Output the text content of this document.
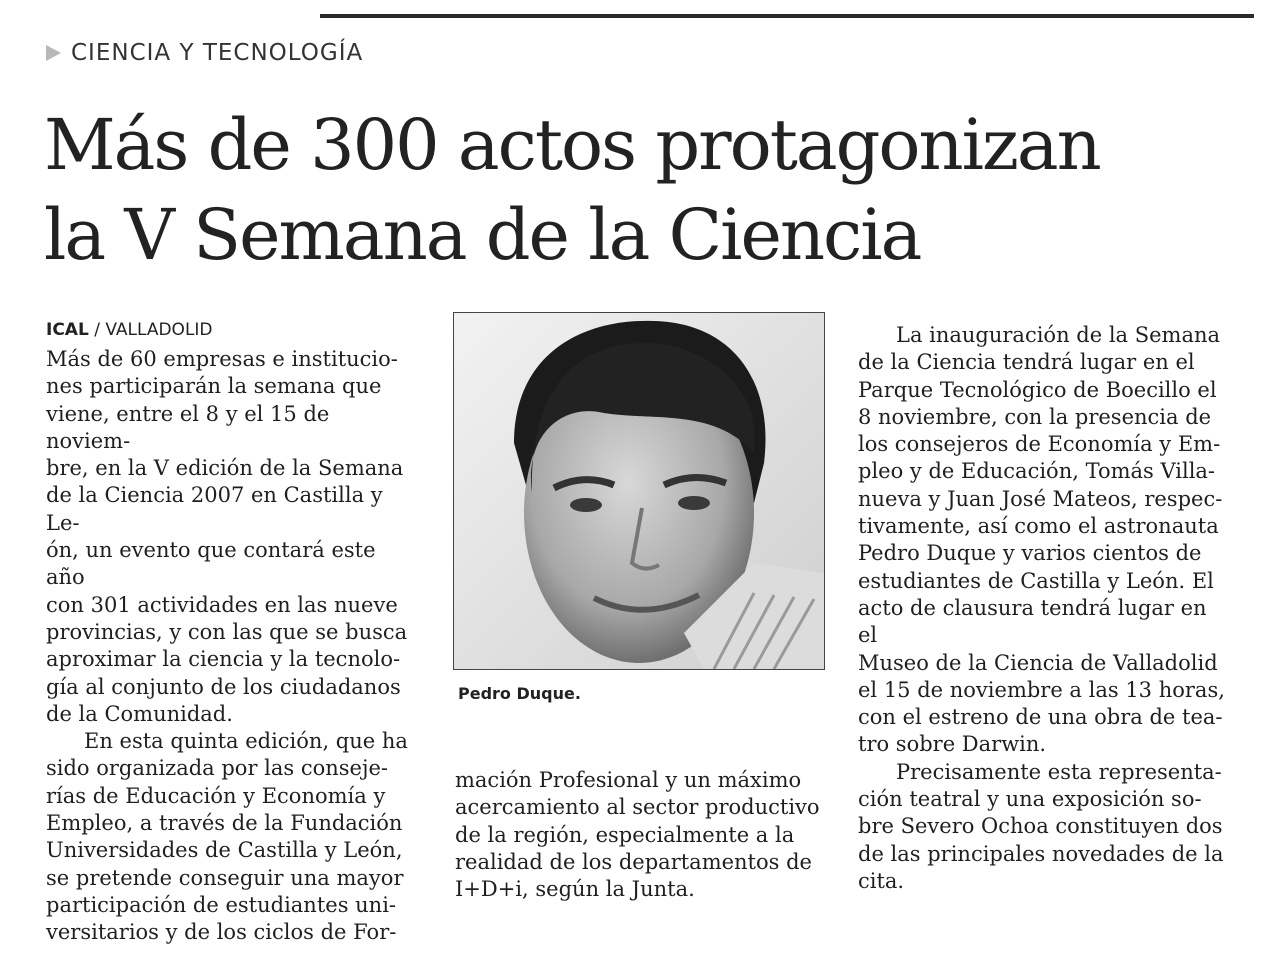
CIENCIA Y TECNOLOGÍA
Más de 300 actos protagonizan
la V Semana de la Ciencia
ICAL / VALLADOLID

Más de 60 empresas e institucio-

nes participarán la semana que

viene, entre el 8 y el 15 de noviem-

bre, en la V edición de la Semana

de la Ciencia 2007 en Castilla y Le-

ón, un evento que contará este año

con 301 actividades en las nueve

provincias, y con las que se busca

aproximar la ciencia y la tecnolo-

gía al conjunto de los ciudadanos

de la Comunidad.

En esta quinta edición, que ha

sido organizada por las conseje-

rías de Educación y Economía y

Empleo, a través de la Fundación

Universidades de Castilla y León,

se pretende conseguir una mayor

participación de estudiantes uni-

versitarios y de los ciclos de For-

Pedro Duque.

mación Profesional y un máximo

acercamiento al sector productivo

de la región, especialmente a la

realidad de los departamentos de

I+D+i, según la Junta.

La inauguración de la Semana

de la Ciencia tendrá lugar en el

Parque Tecnológico de Boecillo el

8 noviembre, con la presencia de

los consejeros de Economía y Em-

pleo y de Educación, Tomás Villa-

nueva y Juan José Mateos, respec-

tivamente, así como el astronauta

Pedro Duque y varios cientos de

estudiantes de Castilla y León. El

acto de clausura tendrá lugar en el

Museo de la Ciencia de Valladolid

el 15 de noviembre a las 13 horas,

con el estreno de una obra de tea-

tro sobre Darwin.

Precisamente esta representa-

ción teatral y una exposición so-

bre Severo Ochoa constituyen dos

de las principales novedades de la

cita.
